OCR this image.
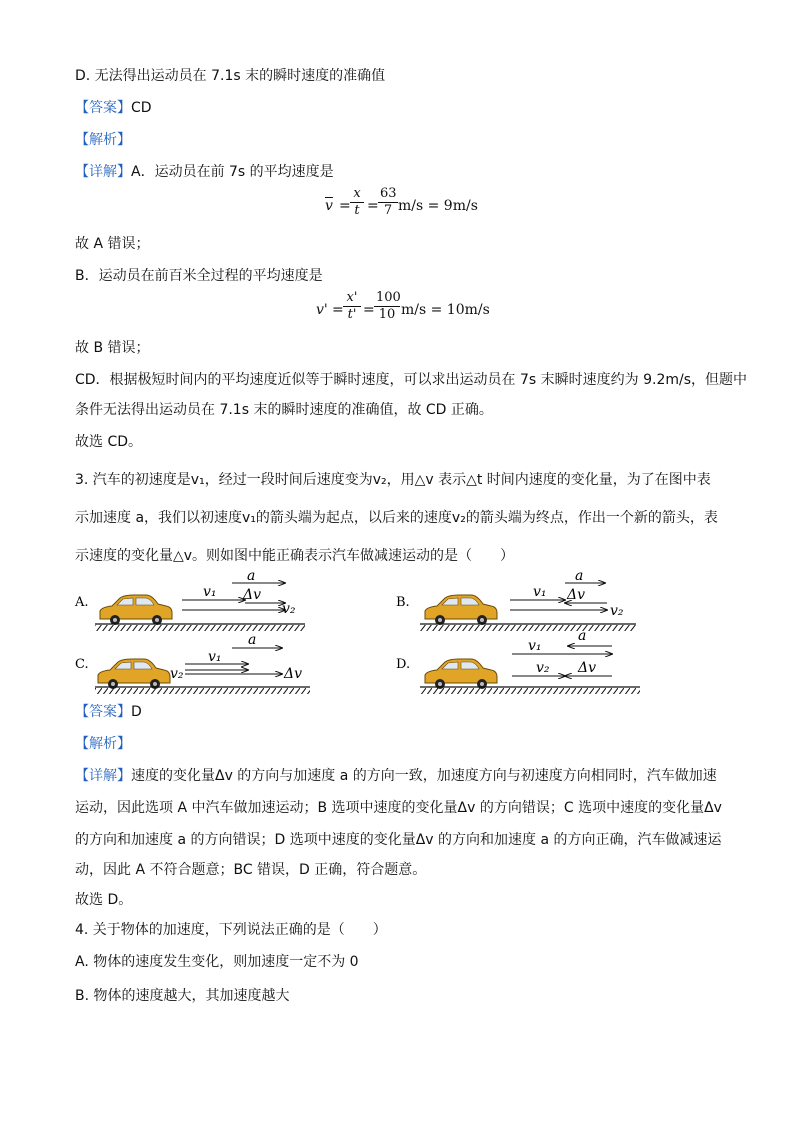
D. 无法得出运动员在 7.1s 末的瞬时速度的准确值
【答案】CD
【解析】
【详解】A．运动员在前 7s 的平均速度是
$\overline{v} = \frac{x}{t} = \frac{63}{7} m/s = 9m/s$
故 A 错误；
B．运动员在前百米全过程的平均速度是
$v' = \frac{x'}{t'} = \frac{100}{10} m/s = 10m/s$
故 B 错误；
CD．根据极短时间内的平均速度近似等于瞬时速度，可以求出运动员在 7s 末瞬时速度约为 9.2m/s，但题中
条件无法得出运动员在 7.1s 末的瞬时速度的准确值，故 CD 正确。
故选 CD。
3. 汽车的初速度是v₁，经过一段时间后速度变为v₂，用△v 表示△t 时间内速度的变化量，为了在图中表
示加速度 a，我们以初速度v₁的箭头端为起点，以后来的速度v₂的箭头端为终点，作出一个新的箭头，表
示速度的变化量△v。则如图中能正确表示汽车做减速运动的是（　　）
A.
v₁
a
Δv
v₂	B.
v₁
a
Δv
v₂
C.	v₁
a
Δv
v₂
D.
v₁
a
Δv
v₂
【答案】D
【解析】
【详解】速度的变化量Δv 的方向与加速度 a 的方向一致，加速度方向与初速度方向相同时，汽车做加速
运动，因此选项 A 中汽车做加速运动；B 选项中速度的变化量Δv 的方向错误；C 选项中速度的变化量Δv
的方向和加速度 a 的方向错误；D 选项中速度的变化量Δv 的方向和加速度 a 的方向正确，汽车做减速运
动，因此 A 不符合题意；BC 错误，D 正确，符合题意。
故选 D。
4. 关于物体的加速度，下列说法正确的是（　　）
A. 物体的速度发生变化，则加速度一定不为 0
B. 物体的速度越大，其加速度越大
